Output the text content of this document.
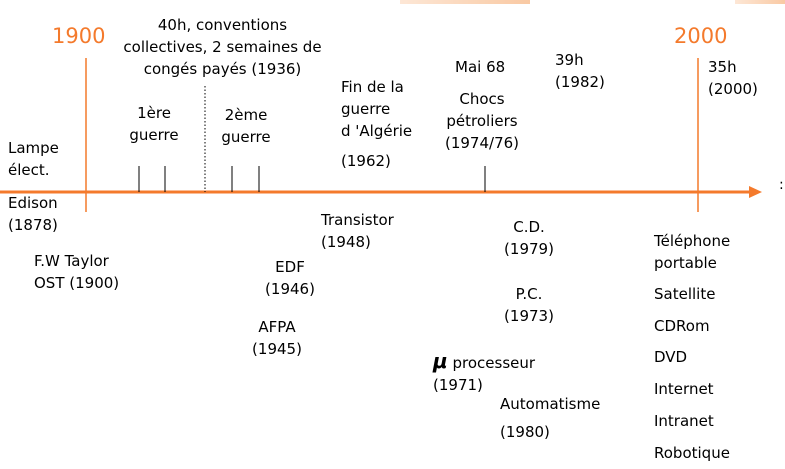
:
1900	2000
Lampe
élect.
40h, conventions
collectives, 2 semaines de
congés payés (1936)
1ère
guerre
2ème
guerre
Fin de la
guerre
d 'Algérie
(1962)
Mai 68
Chocs
pétroliers
(1974/76)
39h
(1982)
35h
(2000)
Edison
(1878)
F.W Taylor
OST (1900)
Transistor
(1948)
EDF
(1946)
AFPA
(1945)
C.D.
(1979)
P.C.
(1973)
μ processeur
(1971)
Automatisme
(1980)
Téléphone
portable
Satellite
CDRom
DVD
Internet
Intranet
Robotique
